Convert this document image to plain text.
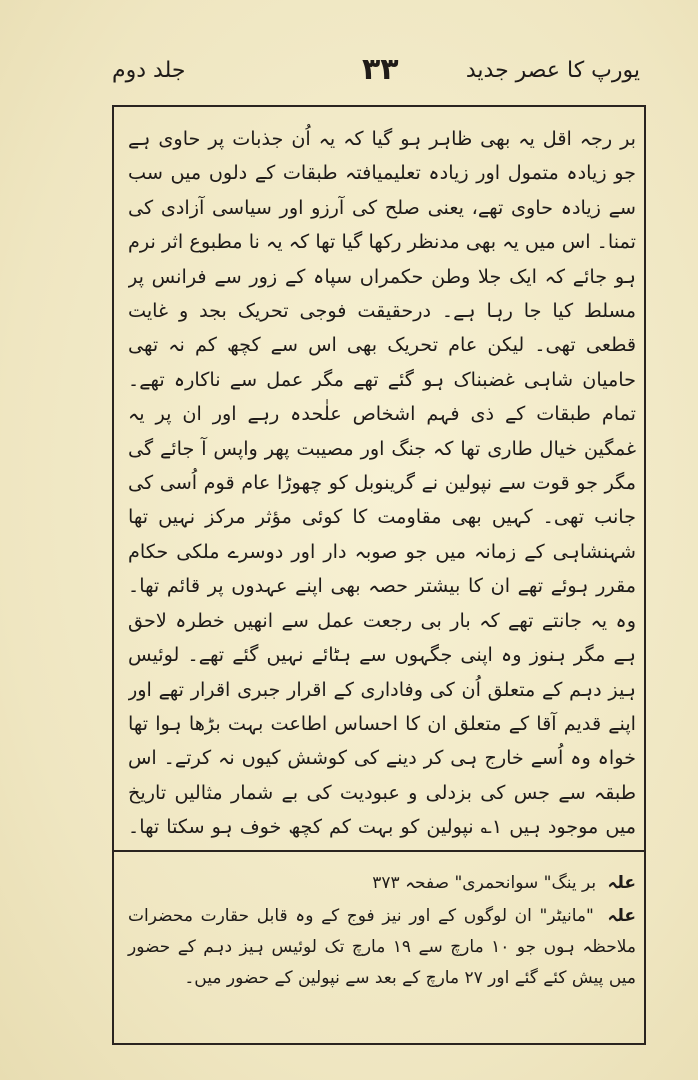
جلد دوم	۳۳	یورپ کا عصر جدید

بر رجہ اقل یہ بھی ظاہر ہو گیا کہ یہ اُن جذبات پر حاوی ہے جو زیادہ متمول اور زیادہ تعلیمیافتہ طبقات کے دلوں میں سب سے زیادہ حاوی تھے، یعنی صلح کی آرزو اور سیاسی آزادی کی تمنا۔ اس میں یہ بھی مدنظر رکھا گیا تھا کہ یہ نا مطبوع اثر نرم ہو جائے کہ ایک جلا وطن حکمراں سپاہ کے زور سے فرانس پر مسلط کیا جا رہا ہے۔ درحقیقت فوجی تحریک بجد و غایت قطعی تھی۔ لیکن عام تحریک بھی اس سے کچھ کم نہ تھی حامیان شاہی غضبناک ہو گئے تھے مگر عمل سے ناکارہ تھے۔ تمام طبقات کے ذی فہم اشخاص علٰحدہ رہے اور ان پر یہ غمگین خیال طاری تھا کہ جنگ اور مصیبت پھر واپس آ جائے گی مگر جو قوت سے نپولین نے گرینوبل کو چھوڑا عام قوم اُسی کی جانب تھی۔ کہیں بھی مقاومت کا کوئی مؤثر مرکز نہیں تھا شہنشاہی کے زمانہ میں جو صوبہ دار اور دوسرے ملکی حکام مقرر ہوئے تھے ان کا بیشتر حصہ بھی اپنے عہدوں پر قائم تھا۔ وہ یہ جانتے تھے کہ بار بی رجعت عمل سے انھیں خطرہ لاحق ہے مگر ہنوز وہ اپنی جگہوں سے ہٹائے نہیں گئے تھے۔ لوئیس ہیز دہم کے متعلق اُن کی وفاداری کے اقرار جبری اقرار تھے اور اپنے قدیم آقا کے متعلق ان کا احساس اطاعت بہت بڑھا ہوا تھا خواہ وہ اُسے خارج ہی کر دینے کی کوشش کیوں نہ کرتے۔ اس طبقہ سے جس کی بزدلی و عبودیت کی بے شمار مثالیں تاریخ میں موجود ہیں ۱؎ نپولین کو بہت کم کچھ خوف ہو سکتا تھا۔

علہ بر ینگ" سوانحمری" صفحہ ۳۷۳

علہ "مانیٹر" ان لوگوں کے اور نیز فوج کے وہ قابل حقارت محضرات ملاحظہ ہوں جو ۱۰ مارچ سے ۱۹ مارچ تک لوئیس ہیز دہم کے حضور میں پیش کئے گئے اور ۲۷ مارچ کے بعد سے نپولین کے حضور میں۔
